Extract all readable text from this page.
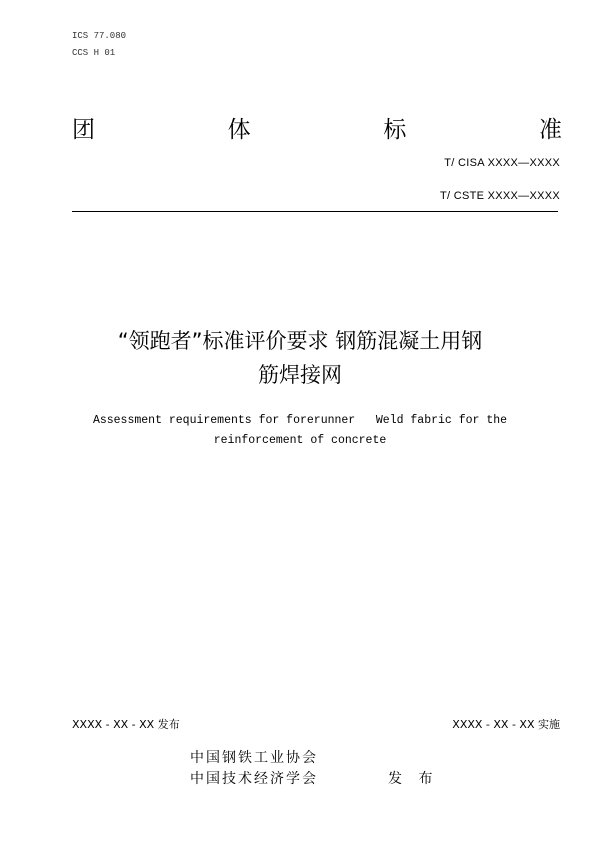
ICS 77.080
CCS H 01
团	体	标	准
T/ CISA XXXX—XXXX
T/ CSTE XXXX—XXXX
“领跑者”标准评价要求 钢筋混凝土用钢
筋焊接网
Assessment requirements for forerunner   Weld fabric for the
reinforcement of concrete
XXXX - XX - XX 发布	XXXX - XX - XX 实施
中国钢铁工业协会
中国技术经济学会	发 布
